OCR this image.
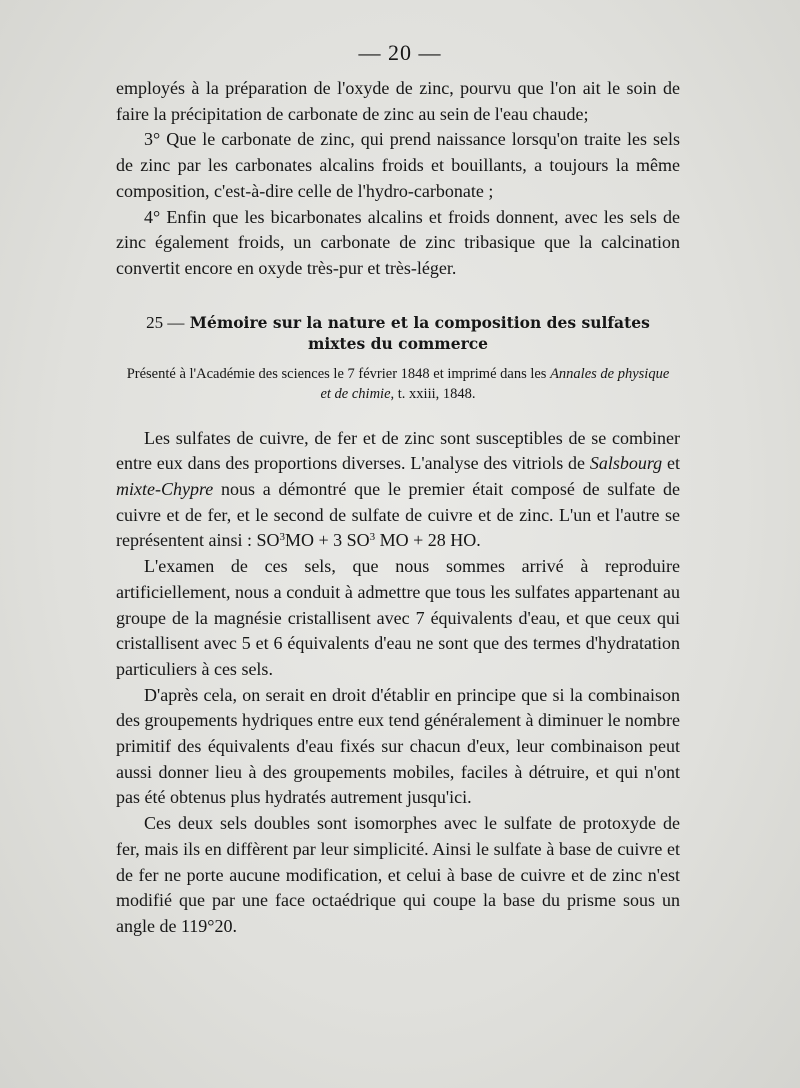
— 20 —

employés à la préparation de l'oxyde de zinc, pourvu que l'on ait le soin de faire la précipitation de carbonate de zinc au sein de l'eau chaude;

3° Que le carbonate de zinc, qui prend naissance lorsqu'on traite les sels de zinc par les carbonates alcalins froids et bouillants, a toujours la même composition, c'est-à-dire celle de l'hydro-carbonate ;

4° Enfin que les bicarbonates alcalins et froids donnent, avec les sels de zinc également froids, un carbonate de zinc tribasique que la calcination convertit encore en oxyde très-pur et très-léger.

25 — Mémoire sur la nature et la composition des sulfates mixtes du commerce
Présenté à l'Académie des sciences le 7 février 1848 et imprimé dans les Annales de physique et de chimie, t. xxiii, 1848.

Les sulfates de cuivre, de fer et de zinc sont susceptibles de se combiner entre eux dans des proportions diverses. L'analyse des vitriols de Salsbourg et mixte-Chypre nous a démontré que le premier était composé de sulfate de cuivre et de fer, et le second de sulfate de cuivre et de zinc. L'un et l'autre se représentent ainsi : $SO^3MO + 3$ $SO^3$ MO + 28 HO.

L'examen de ces sels, que nous sommes arrivé à reproduire artificiellement, nous a conduit à admettre que tous les sulfates appartenant au groupe de la magnésie cristallisent avec 7 équivalents d'eau, et que ceux qui cristallisent avec 5 et 6 équivalents d'eau ne sont que des termes d'hydratation particuliers à ces sels.

D'après cela, on serait en droit d'établir en principe que si la combinaison des groupements hydriques entre eux tend généralement à diminuer le nombre primitif des équivalents d'eau fixés sur chacun d'eux, leur combinaison peut aussi donner lieu à des groupements mobiles, faciles à détruire, et qui n'ont pas été obtenus plus hydratés autrement jusqu'ici.

Ces deux sels doubles sont isomorphes avec le sulfate de protoxyde de fer, mais ils en diffèrent par leur simplicité. Ainsi le sulfate à base de cuivre et de fer ne porte aucune modification, et celui à base de cuivre et de zinc n'est modifié que par une face octaédrique qui coupe la base du prisme sous un angle de 119°20.
